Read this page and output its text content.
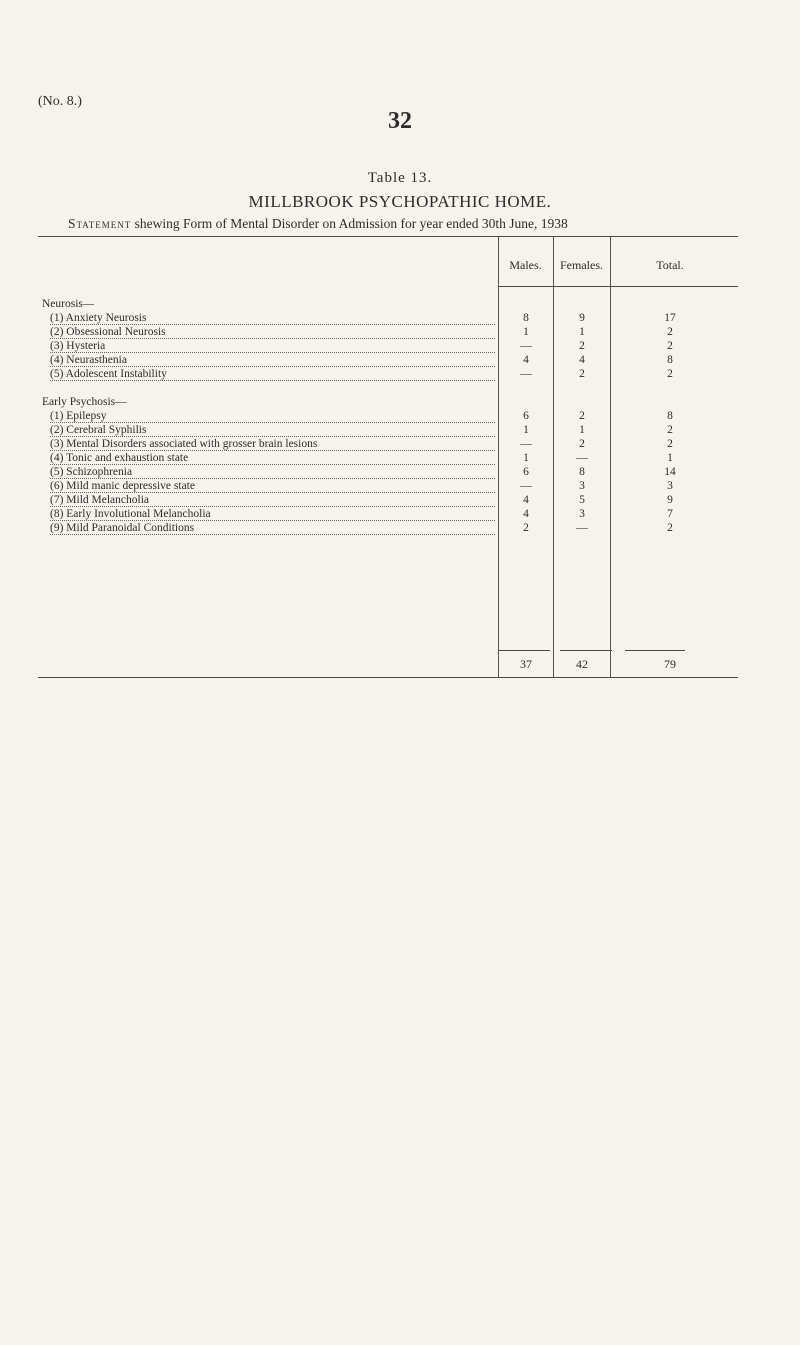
(No. 8.)
32
Table 13.
MILLBROOK PSYCHOPATHIC HOME.
Statement shewing Form of Mental Disorder on Admission for year ended 30th June, 1938
Males.	Females.	Total.
Neurosis—
(1) Anxiety Neurosis	8	9	17
(2) Obsessional Neurosis	1	1	2
(3) Hysteria	—	2	2
(4) Neurasthenia	4	4	8
(5) Adolescent Instability	—	2	2
Early Psychosis—
(1) Epilepsy	6	2	8
(2) Cerebral Syphilis	1	1	2
(3) Mental Disorders associated with grosser brain lesions	—	2	2
(4) Tonic and exhaustion state	1	—	1
(5) Schizophrenia	6	8	14
(6) Mild manic depressive state	—	3	3
(7) Mild Melancholia	4	5	9
(8) Early Involutional Melancholia	4	3	7
(9) Mild Paranoidal Conditions	2	—	2
37	42	79
